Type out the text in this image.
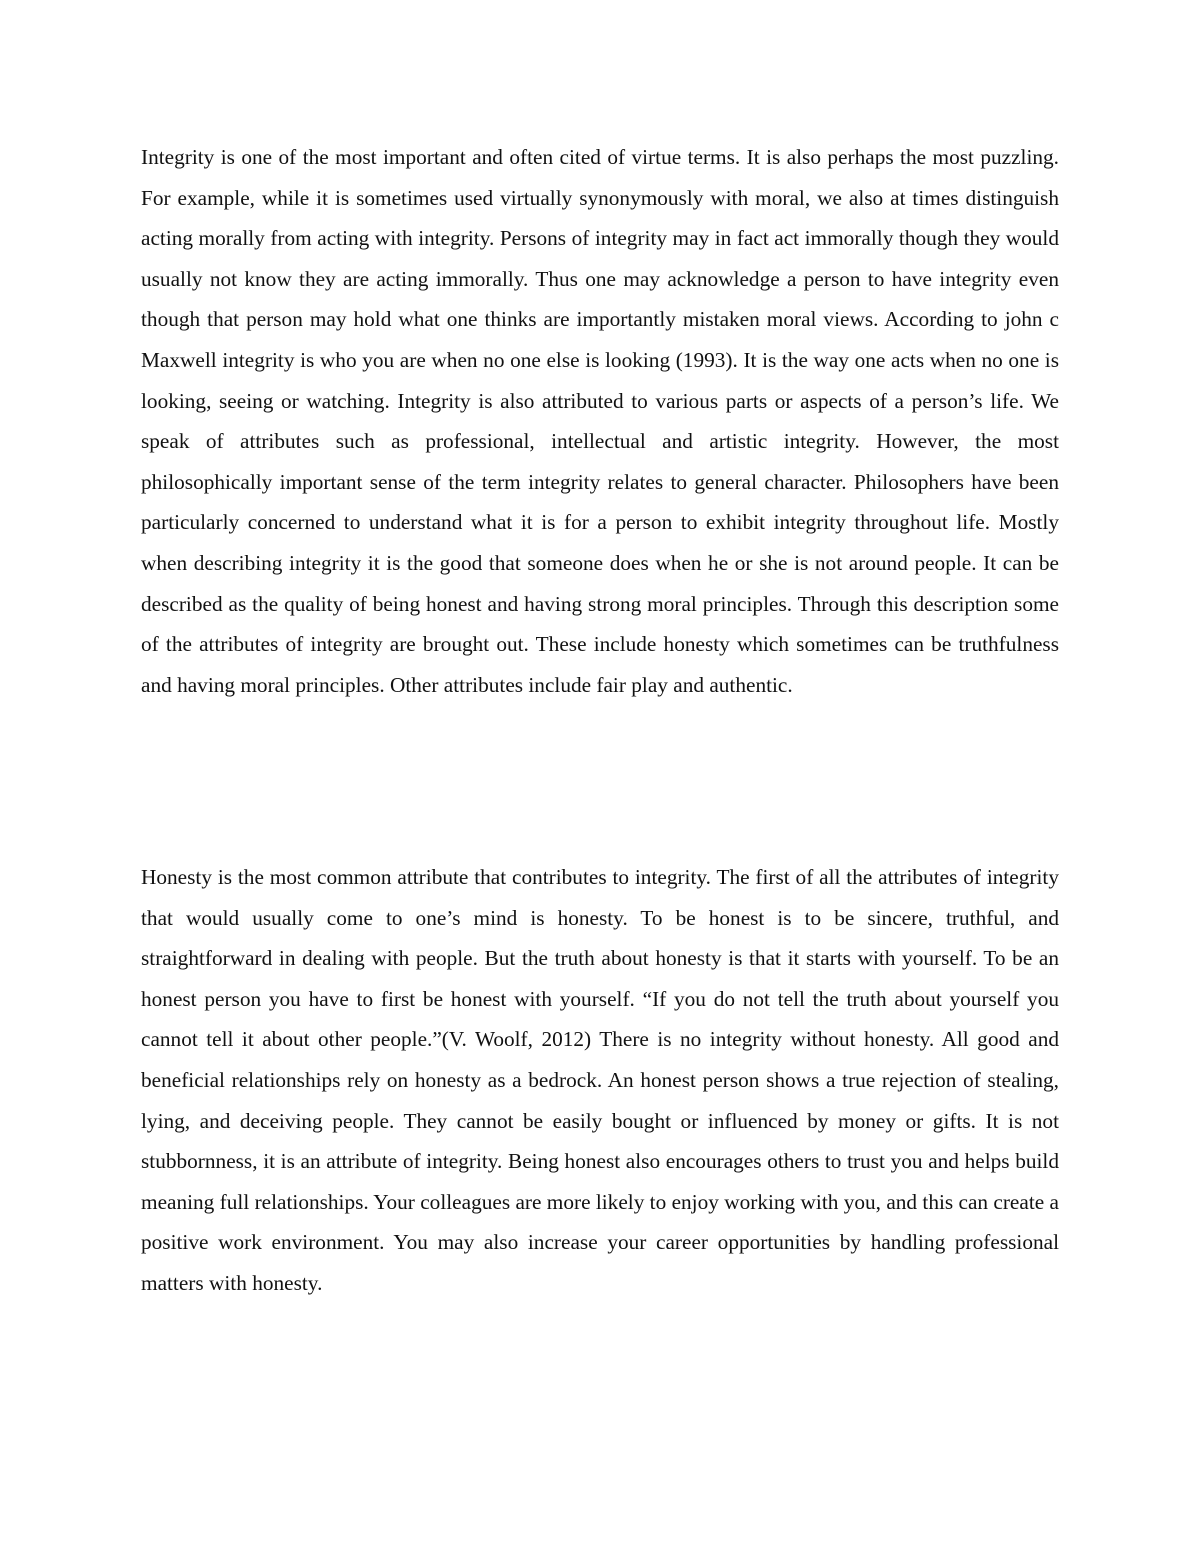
Integrity is one of the most important and often cited of virtue terms. It is also perhaps the most puzzling. For example, while it is sometimes used virtually synonymously with moral, we also at times distinguish acting morally from acting with integrity. Persons of integrity may in fact act immorally though they would usually not know they are acting immorally. Thus one may acknowledge a person to have integrity even though that person may hold what one thinks are importantly mistaken moral views. According to john c Maxwell integrity is who you are when no one else is looking (1993). It is the way one acts when no one is looking, seeing or watching. Integrity is also attributed to various parts or aspects of a person’s life. We speak of attributes such as professional, intellectual and artistic integrity. However, the most philosophically important sense of the term integrity relates to general character. Philosophers have been particularly concerned to understand what it is for a person to exhibit integrity throughout life. Mostly when describing integrity it is the good that someone does when he or she is not around people. It can be described as the quality of being honest and having strong moral principles. Through this description some of the attributes of integrity are brought out. These include honesty which sometimes can be truthfulness and having moral principles. Other attributes include fair play and authentic.

Honesty is the most common attribute that contributes to integrity. The first of all the attributes of integrity that would usually come to one’s mind is honesty. To be honest is to be sincere, truthful, and straightforward in dealing with people. But the truth about honesty is that it starts with yourself. To be an honest person you have to first be honest with yourself. “If you do not tell the truth about yourself you cannot tell it about other people.”(V. Woolf, 2012) There is no integrity without honesty. All good and beneficial relationships rely on honesty as a bedrock. An honest person shows a true rejection of stealing, lying, and deceiving people. They cannot be easily bought or influenced by money or gifts. It is not stubbornness, it is an attribute of integrity. Being honest also encourages others to trust you and helps build meaning full relationships. Your colleagues are more likely to enjoy working with you, and this can create a positive work environment. You may also increase your career opportunities by handling professional matters with honesty.
